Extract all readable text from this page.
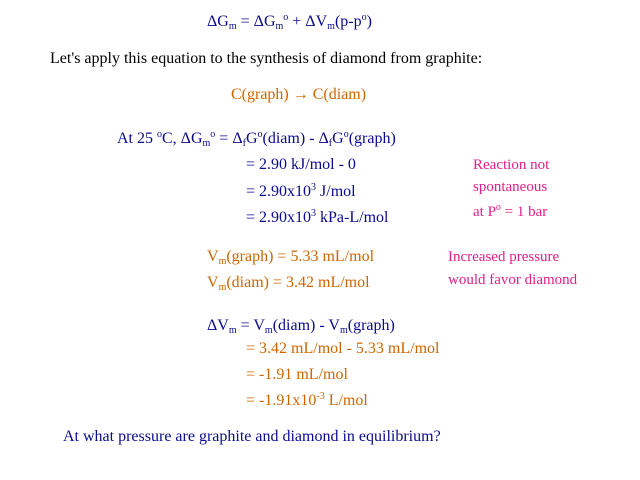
$\Delta G_m = \Delta G_m^o + \Delta V_m(p-p^o)$
Let's apply this equation to the synthesis of diamond from graphite:
C(graph) → C(diam)
At 25 $^o$C, $\Delta G_m^o$ = $\Delta_fG^o(diam)$ - $\Delta_fG^o(graph)$
= 2.90 kJ/mol - 0
= $2.90x10^3$ J/mol
= $2.90x10^3$ kPa-L/mol
Reaction not
spontaneous
at $P^o = 1$ bar
$V_m(graph) = 5.33$ mL/mol
$V_m(diam) = 3.42$ mL/mol
Increased pressure
would favor diamond
$\Delta V_m$ = $V_m(diam)$ - $V_m(graph)$
= 3.42 mL/mol - 5.33 mL/mol
= -1.91 mL/mol
= $-1.91x10^{-3}$ L/mol
At what pressure are graphite and diamond in equilibrium?
